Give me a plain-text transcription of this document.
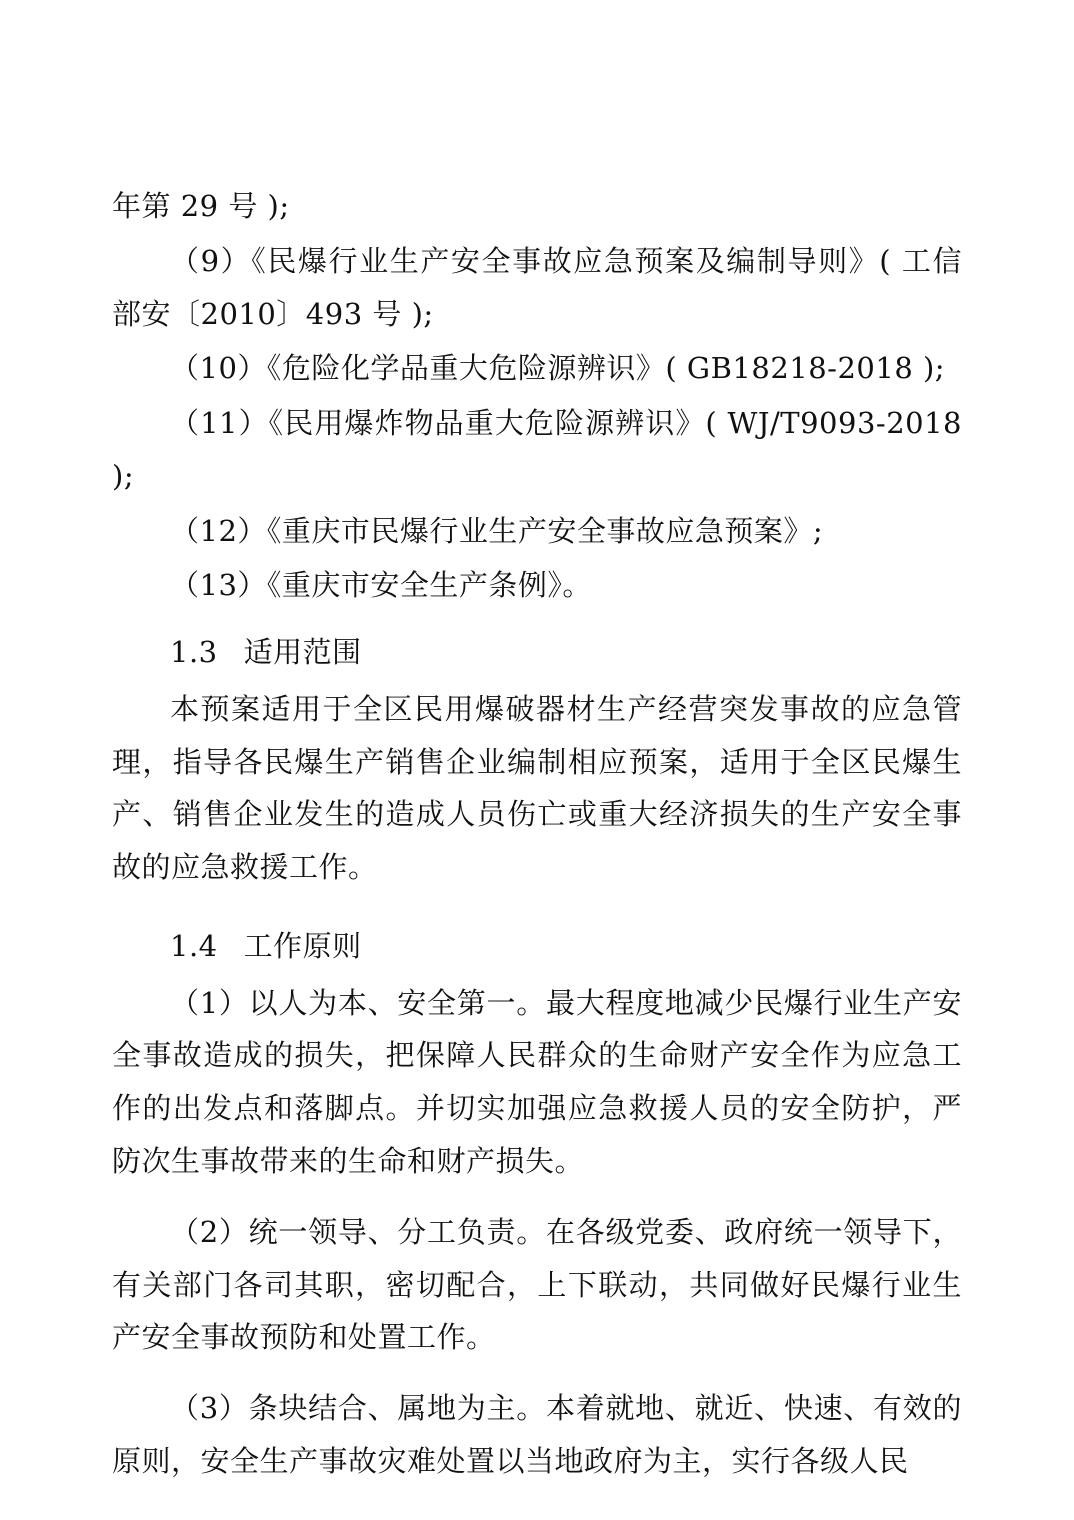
年第 29 号 );

（9）《民爆行业生产安全事故应急预案及编制导则》( 工信部安〔2010〕493 号 );

（10）《危险化学品重大危险源辨识》( GB18218-2018 );

（11）《民用爆炸物品重大危险源辨识》( WJ/T9093-2018 );

（12）《重庆市民爆行业生产安全事故应急预案》;

（13）《重庆市安全生产条例》。

1.3 适用范围

本预案适用于全区民用爆破器材生产经营突发事故的应急管理，指导各民爆生产销售企业编制相应预案，适用于全区民爆生产、销售企业发生的造成人员伤亡或重大经济损失的生产安全事故的应急救援工作。

1.4 工作原则

（1）以人为本、安全第一。最大程度地减少民爆行业生产安全事故造成的损失，把保障人民群众的生命财产安全作为应急工作的出发点和落脚点。并切实加强应急救援人员的安全防护，严防次生事故带来的生命和财产损失。

（2）统一领导、分工负责。在各级党委、政府统一领导下，有关部门各司其职，密切配合，上下联动，共同做好民爆行业生产安全事故预防和处置工作。

（3）条块结合、属地为主。本着就地、就近、快速、有效的原则，安全生产事故灾难处置以当地政府为主，实行各级人民
